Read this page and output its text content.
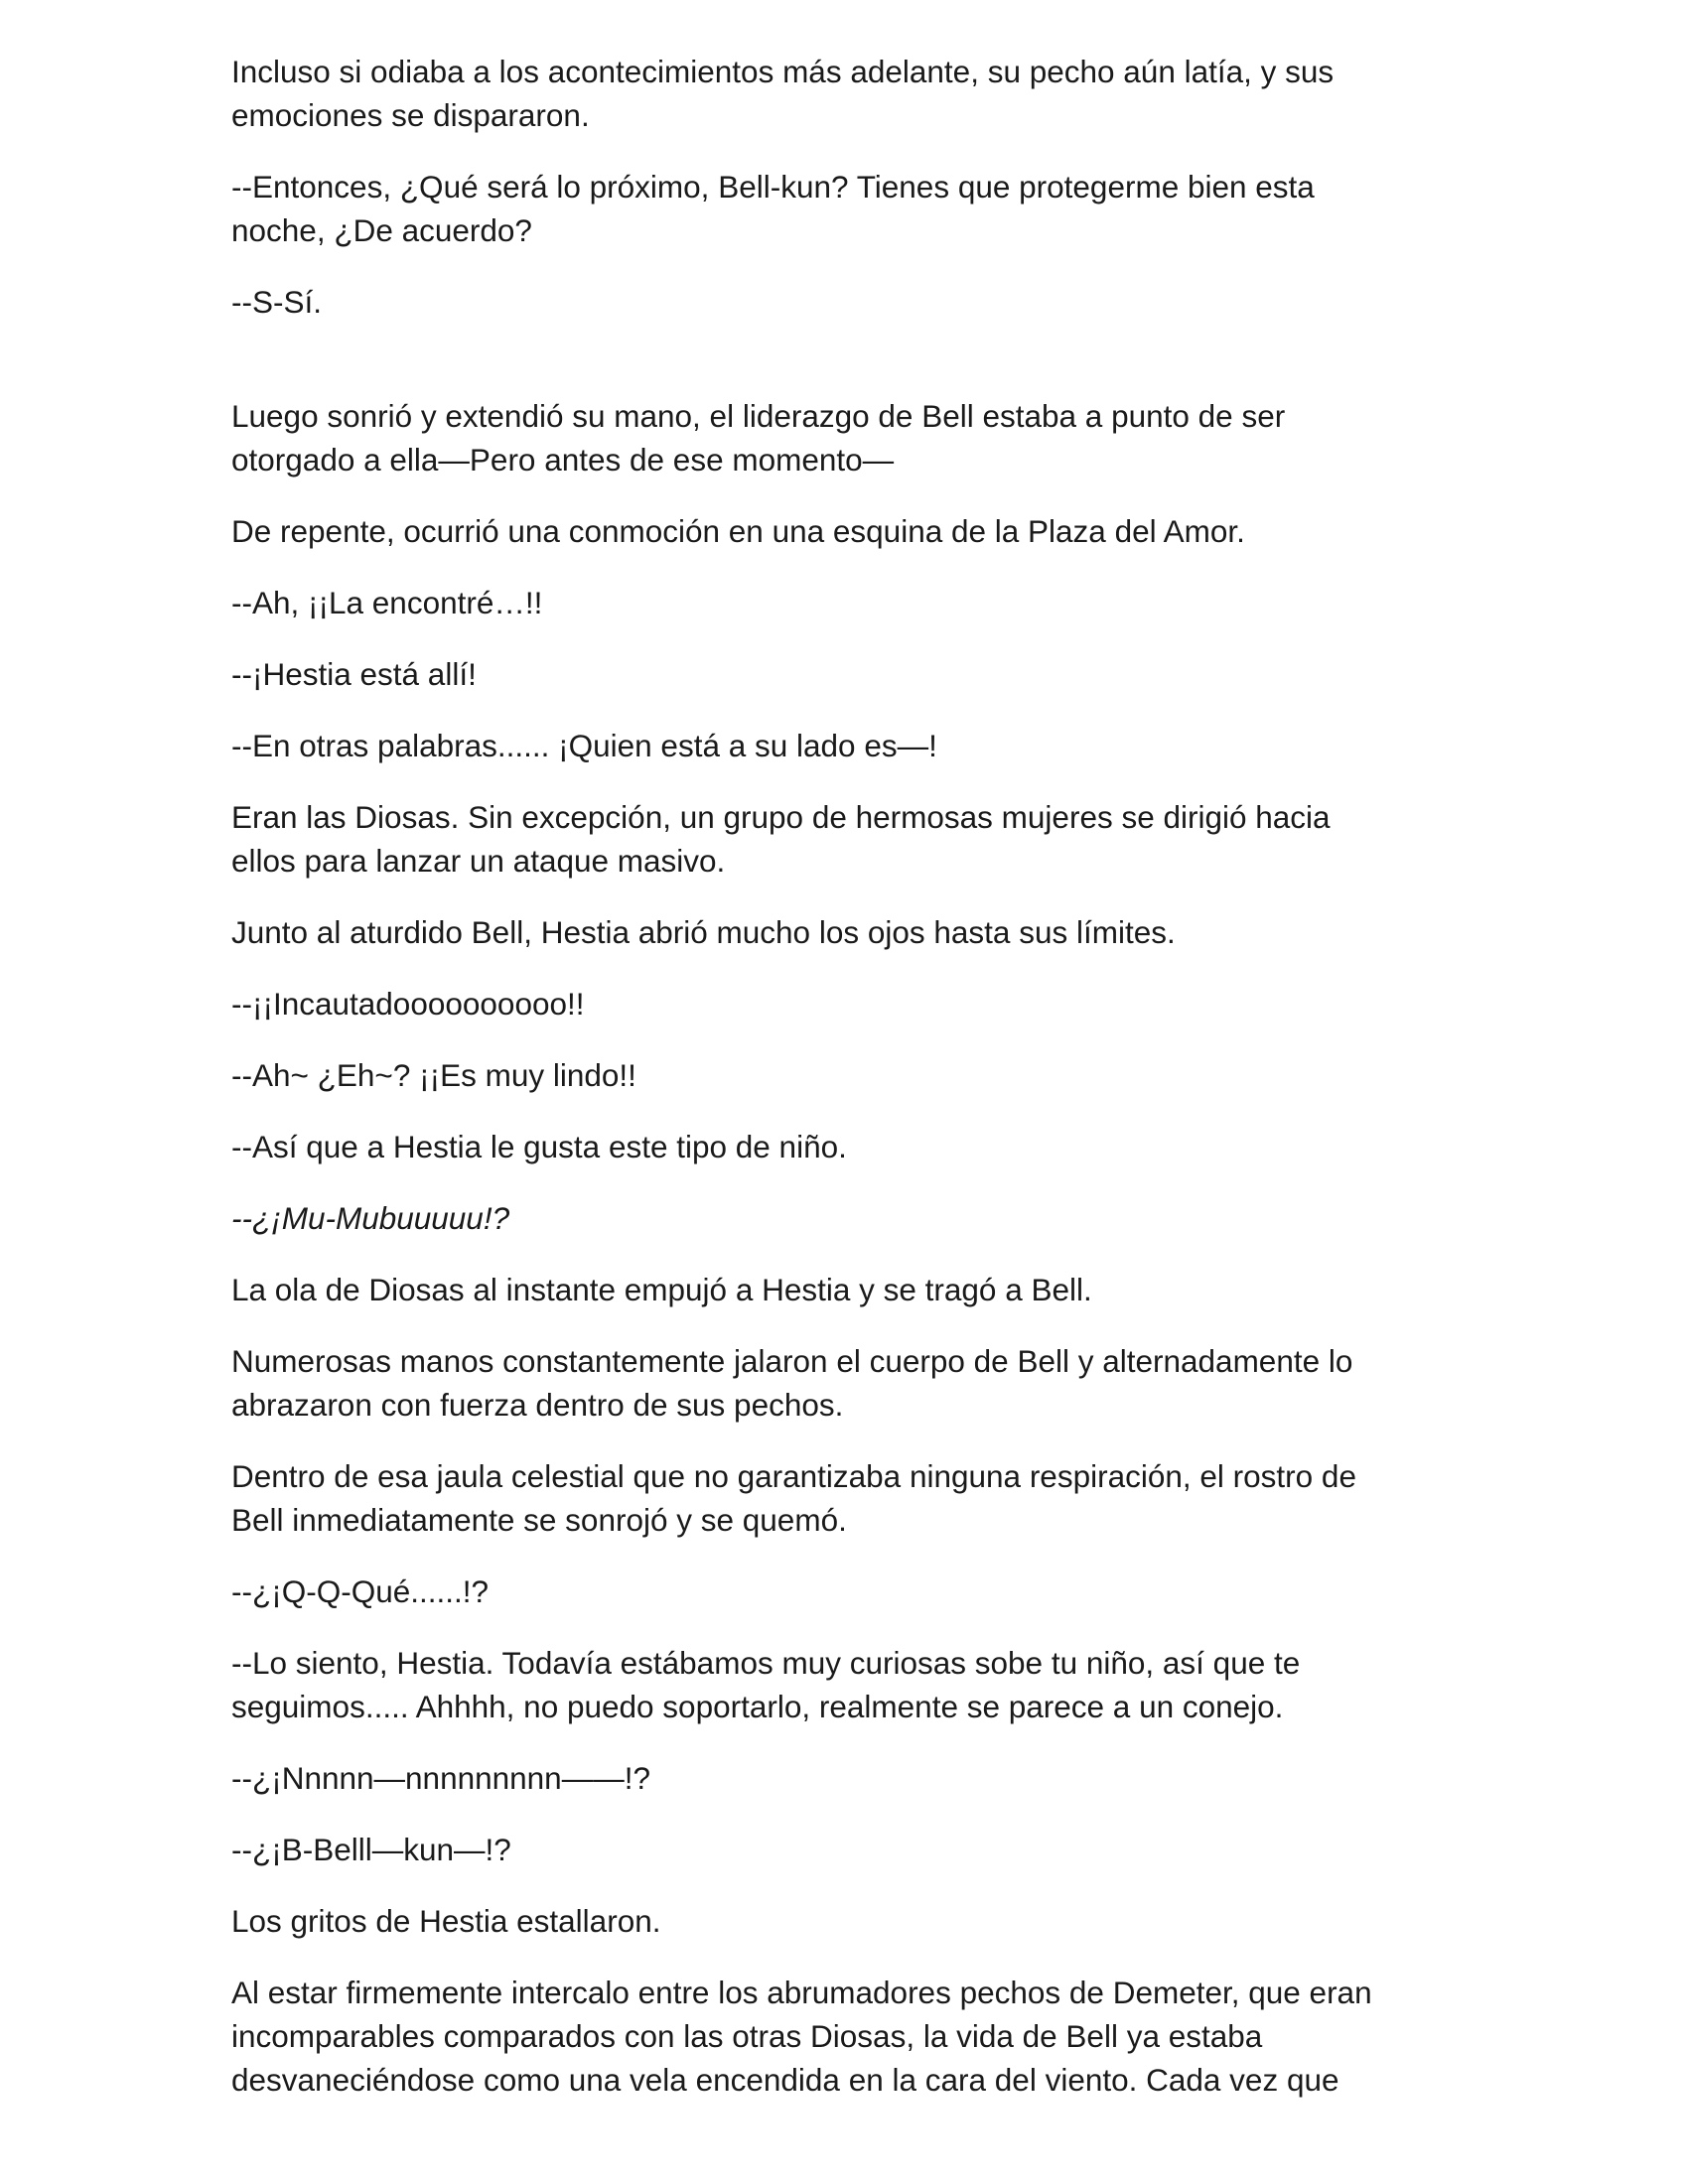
Incluso si odiaba a los acontecimientos más adelante, su pecho aún latía, y sus
emociones se dispararon.

--Entonces, ¿Qué será lo próximo, Bell-kun? Tienes que protegerme bien esta
noche, ¿De acuerdo?

--S-Sí.

Luego sonrió y extendió su mano, el liderazgo de Bell estaba a punto de ser
otorgado a ella—Pero antes de ese momento—

De repente, ocurrió una conmoción en una esquina de la Plaza del Amor.

--Ah, ¡¡La encontré…!!

--¡Hestia está allí!

--En otras palabras...... ¡Quien está a su lado es—!

Eran las Diosas. Sin excepción, un grupo de hermosas mujeres se dirigió hacia
ellos para lanzar un ataque masivo.

Junto al aturdido Bell, Hestia abrió mucho los ojos hasta sus límites.

--¡¡Incautadoooooooooo!!

--Ah~ ¿Eh~? ¡¡Es muy lindo!!

--Así que a Hestia le gusta este tipo de niño.

--¿¡Mu-Mubuuuuu!?

La ola de Diosas al instante empujó a Hestia y se tragó a Bell.

Numerosas manos constantemente jalaron el cuerpo de Bell y alternadamente lo
abrazaron con fuerza dentro de sus pechos.

Dentro de esa jaula celestial que no garantizaba ninguna respiración, el rostro de
Bell inmediatamente se sonrojó y se quemó.

--¿¡Q-Q-Qué......!?

--Lo siento, Hestia. Todavía estábamos muy curiosas sobe tu niño, así que te
seguimos..... Ahhhh, no puedo soportarlo, realmente se parece a un conejo.

--¿¡Nnnnn—nnnnnnnnn——!?

--¿¡B-Belll—kun—!?

Los gritos de Hestia estallaron.

Al estar firmemente intercalo entre los abrumadores pechos de Demeter, que eran
incomparables comparados con las otras Diosas, la vida de Bell ya estaba
desvaneciéndose como una vela encendida en la cara del viento. Cada vez que
